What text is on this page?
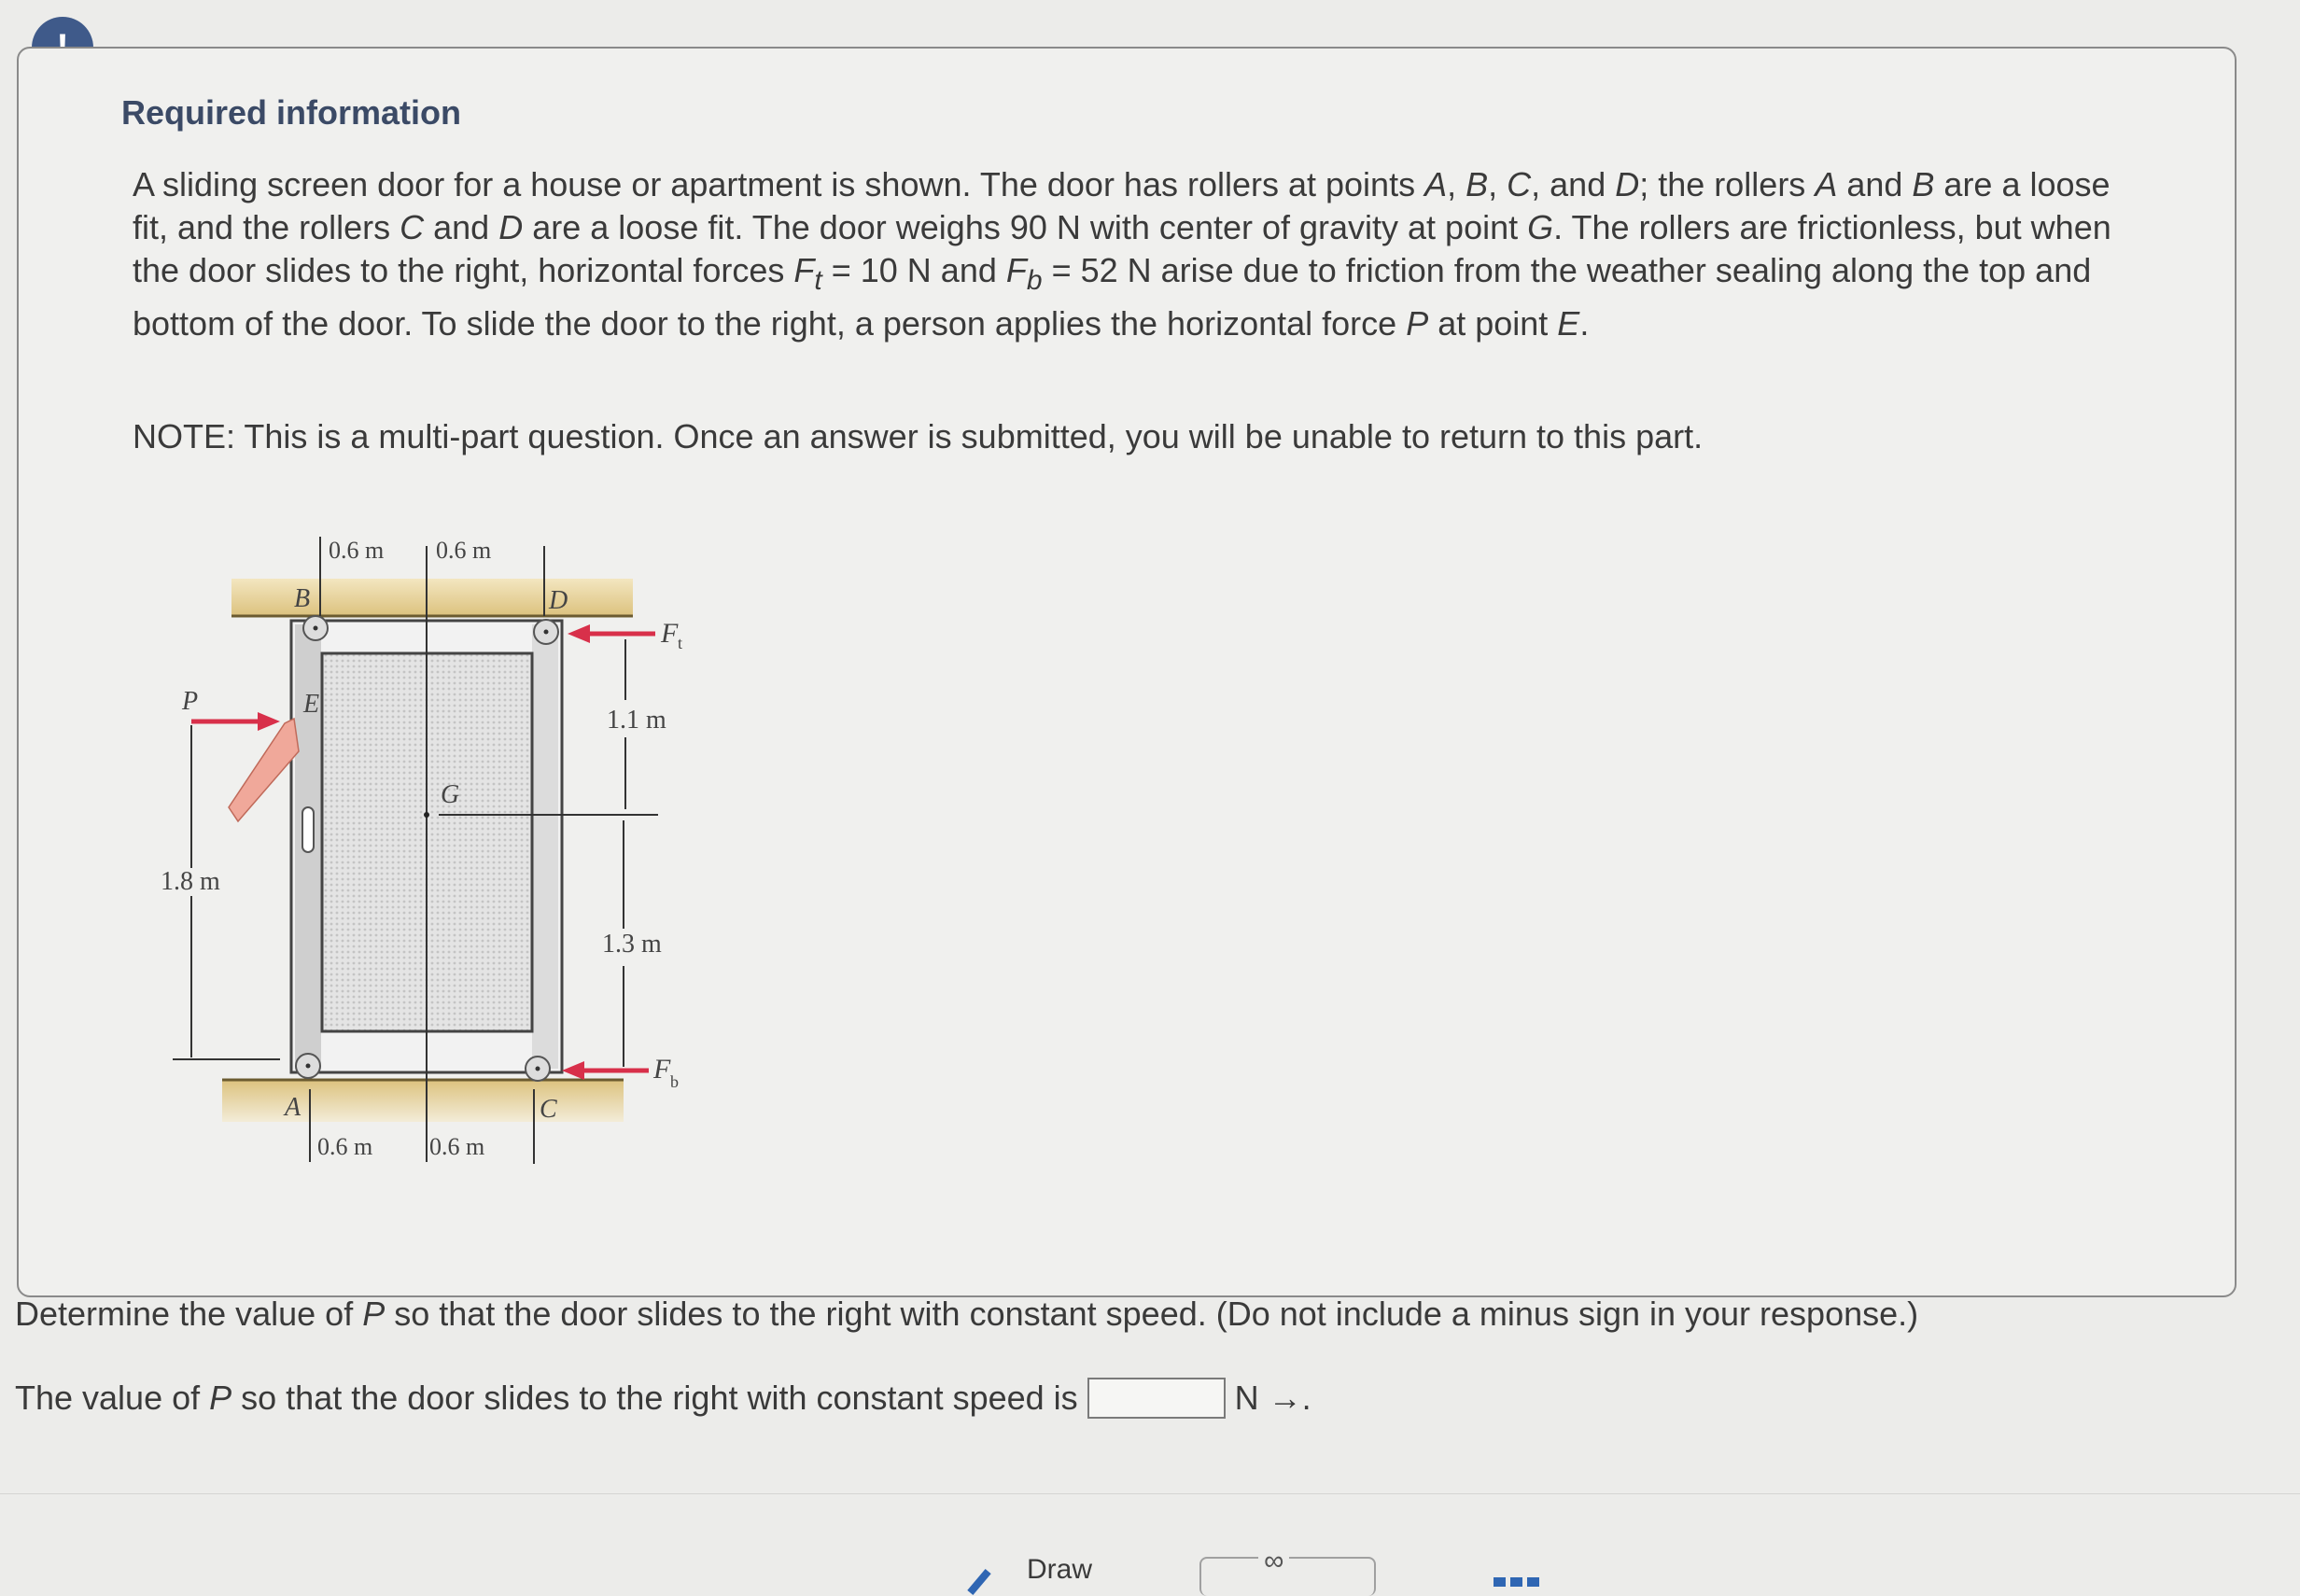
Required information
A sliding screen door for a house or apartment is shown. The door has rollers at points A, B, C, and D; the rollers A and B are a loose fit, and the rollers C and D are a loose fit. The door weighs 90 N with center of gravity at point G. The rollers are frictionless, but when the door slides to the right, horizontal forces $F_t = 10$ N and $F_b = 52$ N arise due to friction from the weather sealing along the top and bottom of the door. To slide the door to the right, a person applies the horizontal force P at point E.
NOTE: This is a multi-part question. Once an answer is submitted, you will be unable to return to this part.
G
0.6 m 0.6 m
B	D
A	C
0.6 m 0.6 m
F t
F b
1.1 m
1.3 m
P	E
1.8 m
Determine the value of P so that the door slides to the right with constant speed. (Do not include a minus sign in your response.)
The value of P so that the door slides to the right with constant speed is	N →.
Draw	∞
